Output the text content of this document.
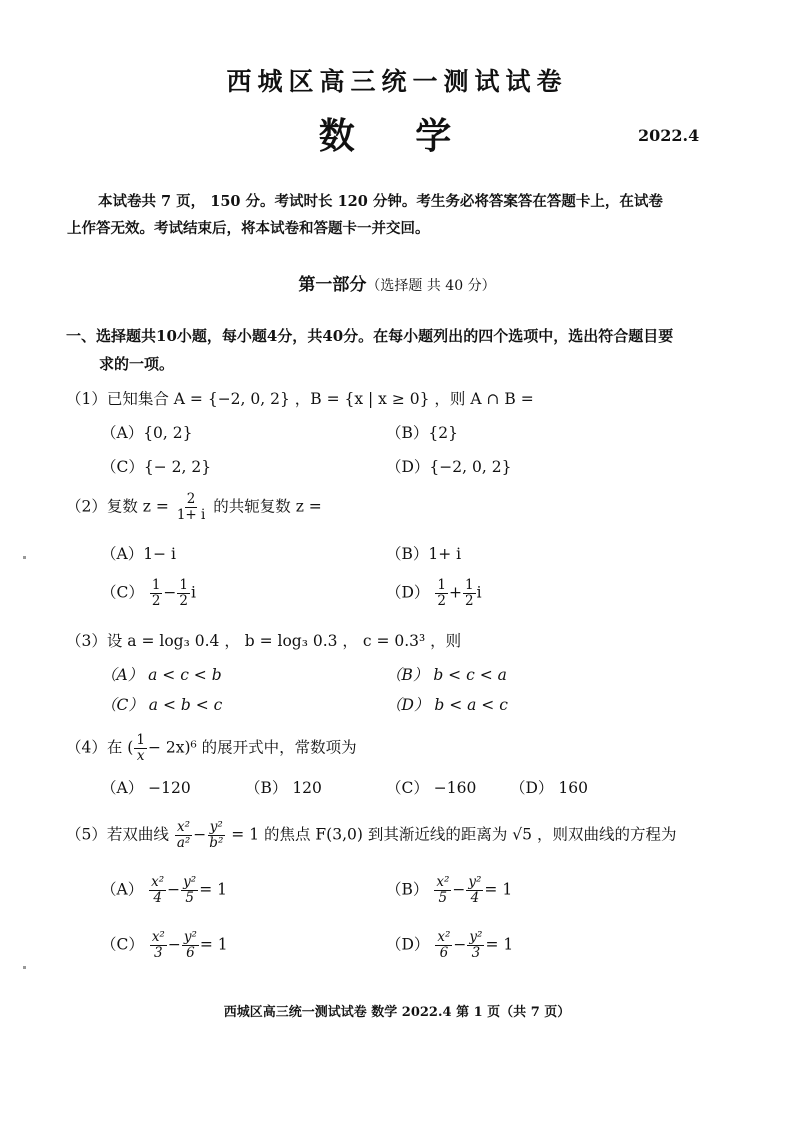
西城区高三统一测试试卷
数 学	2022.4
本试卷共 7 页， 150 分。考试时长 120 分钟。考生务必将答案答在答题卡上，在试卷
上作答无效。考试结束后，将本试卷和答题卡一并交回。
第一部分（选择题 共 40 分）
一、选择题共10小题，每小题4分，共40分。在每小题列出的四个选项中，选出符合题目要
求的一项。
（1）已知集合 A = {−2, 0, 2} ，B = {x | x ≥ 0} ，则 A ∩ B =
（A）{0, 2}	（B）{2}
（C）{− 2, 2}	（D）{−2, 0, 2}
（2）复数 $z = \frac{2}{1+ i}$ 的共轭复数 z =
（A）1− i	（B）1+ i
$(C) \frac{1}{2} - \frac{1}{2}$ i	$(D) \frac{1}{2} + \frac{1}{2}$ i
（3）设 a = log₃ 0.4 ， b = log₃ 0.3 ， c = 0.3³ ，则
（A） a < c < b	（B） b < c < a
（C） a < b < c	（D） b < a < c
（4）在 ( $\frac{1}{x} - 2x)^6$ 的展开式中，常数项为
（A） −120	（B） 120	（C） −160 （D） 160
（5）若双曲线 $\frac{\text{x²}}{\text{a²}} - \frac{\text{y²}}{\text{b²}} = 1$ 的焦点 F(3,0) 到其渐近线的距离为 √5 ，则双曲线的方程为
$(A) \frac{\text{x²}}{4} - \frac{\text{y²}}{5} = 1$	$(B) \frac{\text{x²}}{5} - \frac{\text{y²}}{4} = 1$
$(C) \frac{\text{x²}}{3} - \frac{\text{y²}}{6} = 1$	$(D) \frac{\text{x²}}{6} - \frac{\text{y²}}{3} = 1$
西城区高三统一测试试卷 数学 2022.4 第 1 页（共 7 页）
